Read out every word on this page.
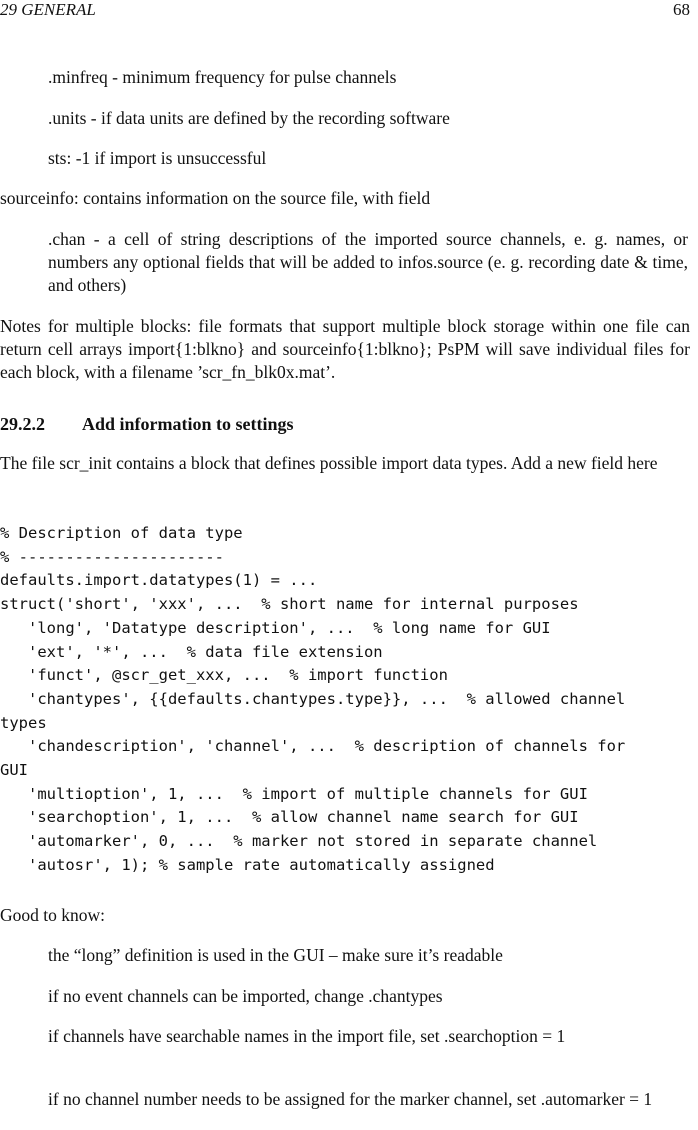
29 GENERAL	68
.minfreq - minimum frequency for pulse channels
.units - if data units are defined by the recording software
sts: -1 if import is unsuccessful
sourceinfo: contains information on the source file, with field
.chan - a cell of string descriptions of the imported source channels, e. g. names, or numbers any optional fields that will be added to infos.source (e. g. recording date & time, and others)
Notes for multiple blocks: file formats that support multiple block storage within one file can return cell arrays import{1:blkno} and sourceinfo{1:blkno}; PsPM will save individual files for each block, with a filename ’scr_fn_blk0x.mat’.
29.2.2 Add information to settings
The file scr_init contains a block that defines possible import data types. Add a new field here
% Description of data type
% ----------------------
defaults.import.datatypes(1) = ...
struct('short', 'xxx', ...  % short name for internal purposes
'long', 'Datatype description', ...  % long name for GUI
'ext', '*', ...  % data file extension
'funct', @scr_get_xxx, ...  % import function
'chantypes', {{defaults.chantypes.type}}, ...  % allowed channel
types
'chandescription', 'channel', ...  % description of channels for
GUI
'multioption', 1, ...  % import of multiple channels for GUI
'searchoption', 1, ...  % allow channel name search for GUI
'automarker', 0, ...  % marker not stored in separate channel
'autosr', 1); % sample rate automatically assigned

Good to know:
the “long” definition is used in the GUI – make sure it’s readable
if no event channels can be imported, change .chantypes
if channels have searchable names in the import file, set .searchoption = 1
if no channel number needs to be assigned for the marker channel, set .automarker = 1
